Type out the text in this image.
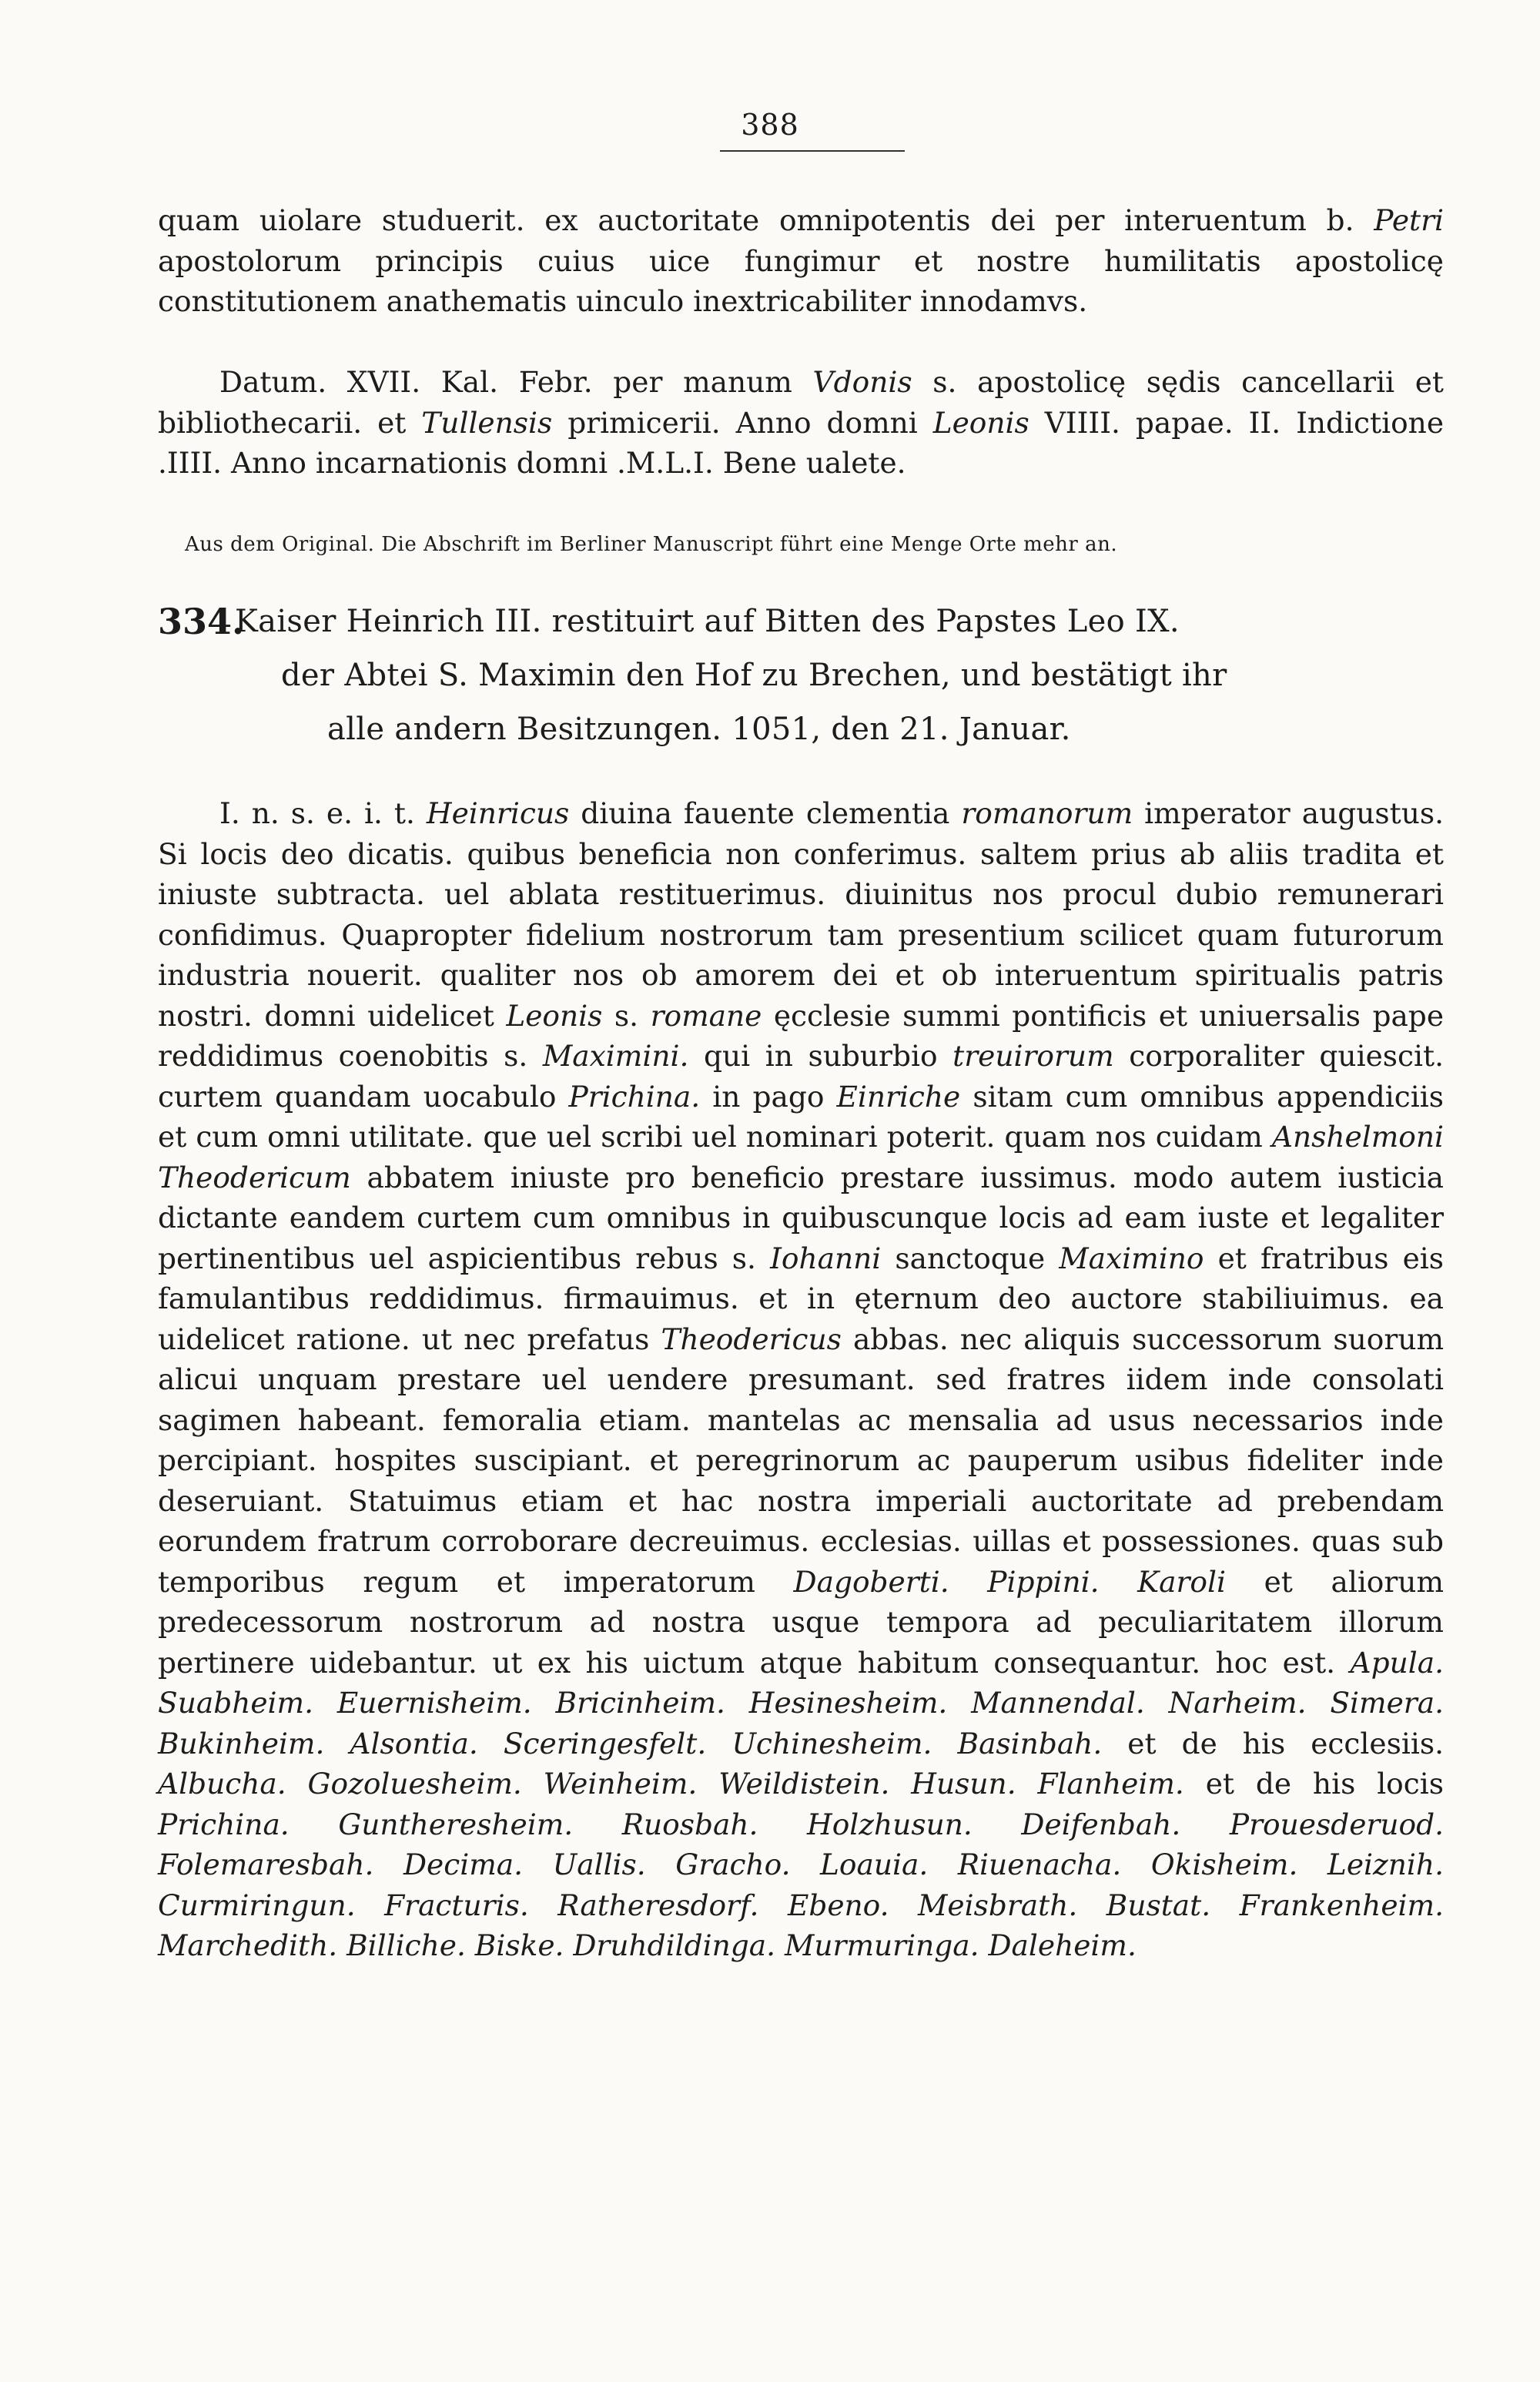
388

quam uiolare studuerit. ex auctoritate omnipotentis dei per interuentum b. Petri apostolorum principis cuius uice fungimur et nostre humilitatis apostolicę constitutionem anathematis uinculo inextricabiliter innodamvs.

Datum. XVII. Kal. Febr. per manum Vdonis s. apostolicę sędis cancellarii et bibliothecarii. et Tullensis primicerii. Anno domni Leonis VIIII. papae. II. Indictione .IIII. Anno incarnationis domni .M.L.I. Bene ualete.

Aus dem Original. Die Abschrift im Berliner Manuscript führt eine Menge Orte mehr an.
334.
Kaiser Heinrich III. restituirt auf Bitten des Papstes Leo IX.
der Abtei S. Maximin den Hof zu Brechen, und bestätigt ihr
alle andern Besitzungen. 1051, den 21. Januar.

I. n. s. e. i. t. Heinricus diuina fauente clementia romanorum imperator augustus. Si locis deo dicatis. quibus beneficia non conferimus. saltem prius ab aliis tradita et iniuste subtracta. uel ablata restituerimus. diuinitus nos procul dubio remunerari confidimus. Quapropter fidelium nostrorum tam presentium scilicet quam futurorum industria nouerit. qualiter nos ob amorem dei et ob interuentum spiritualis patris nostri. domni uidelicet Leonis s. romane ęcclesie summi pontificis et uniuersalis pape reddidimus coenobitis s. Maximini. qui in suburbio treuirorum corporaliter quiescit. curtem quandam uocabulo Prichina. in pago Einriche sitam cum omnibus appendiciis et cum omni utilitate. que uel scribi uel nominari poterit. quam nos cuidam Anshelmoni Theodericum abbatem iniuste pro beneficio prestare iussimus. modo autem iusticia dictante eandem curtem cum omnibus in quibuscunque locis ad eam iuste et legaliter pertinentibus uel aspicientibus rebus s. Iohanni sanctoque Maximino et fratribus eis famulantibus reddidimus. firmauimus. et in ęternum deo auctore stabiliuimus. ea uidelicet ratione. ut nec prefatus Theodericus abbas. nec aliquis successorum suorum alicui unquam prestare uel uendere presumant. sed fratres iidem inde consolati sagimen habeant. femoralia etiam. mantelas ac mensalia ad usus necessarios inde percipiant. hospites suscipiant. et peregrinorum ac pauperum usibus fideliter inde deseruiant. Statuimus etiam et hac nostra imperiali auctoritate ad prebendam eorundem fratrum corroborare decreuimus. ecclesias. uillas et possessiones. quas sub temporibus regum et imperatorum Dagoberti. Pippini. Karoli et aliorum predecessorum nostrorum ad nostra usque tempora ad peculiaritatem illorum pertinere uidebantur. ut ex his uictum atque habitum consequantur. hoc est. Apula. Suabheim. Euernisheim. Bricinheim. Hesinesheim. Mannendal. Narheim. Simera. Bukinheim. Alsontia. Sceringesfelt. Uchinesheim. Basinbah. et de his ecclesiis. Albucha. Gozoluesheim. Weinheim. Weildistein. Husun. Flanheim. et de his locis Prichina. Guntheresheim. Ruosbah. Holzhusun. Deifenbah. Prouesderuod. Folemaresbah. Decima. Uallis. Gracho. Loauia. Riuenacha. Okisheim. Leiznih. Curmiringun. Fracturis. Ratheresdorf. Ebeno. Meisbrath. Bustat. Frankenheim. Marchedith. Billiche. Biske. Druhdildinga. Murmuringa. Daleheim.
